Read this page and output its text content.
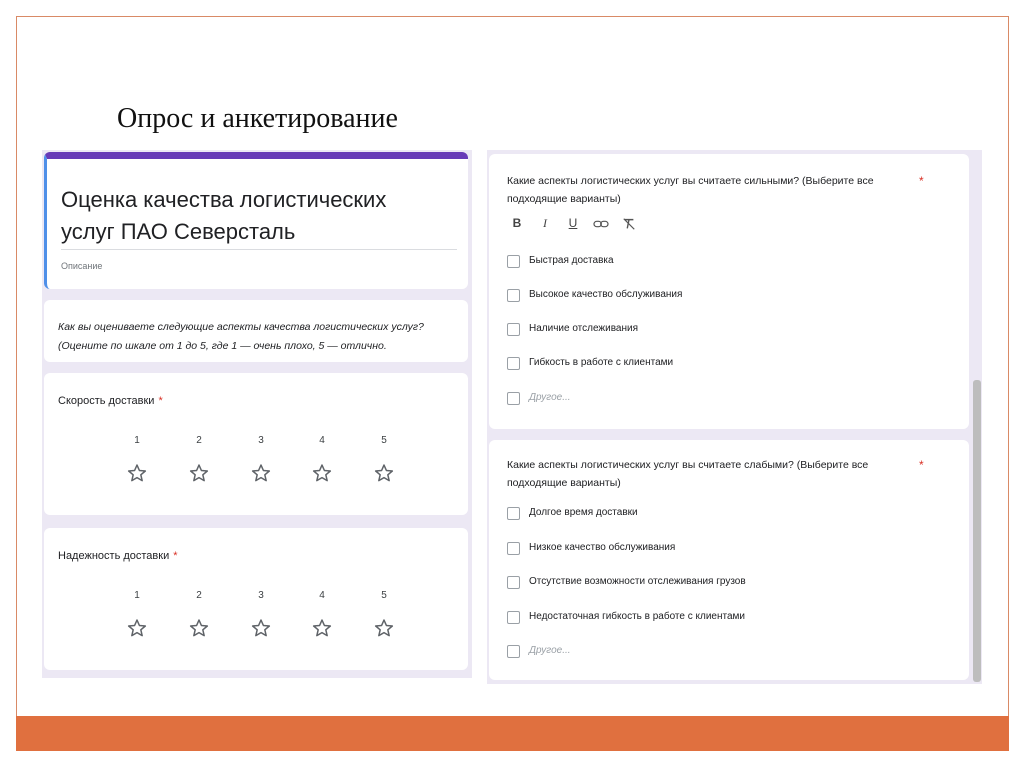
Опрос и анкетирование
Оценка качества логистических услуг ПАО Северсталь
Описание
Как вы оцениваете следующие аспекты качества логистических услуг? (Оцените по шкале от 1 до 5, где 1 — очень плохо, 5 — отлично.
Скорость доставки *
1	2	3	4	5
Надежность доставки *
1	2	3	4	5
Какие аспекты логистических услуг вы считаете сильными? (Выберите все подходящие варианты)
*
B	I	U
Быстрая доставка
Высокое качество обслуживания
Наличие отслеживания
Гибкость в работе с клиентами
Другое...
Какие аспекты логистических услуг вы считаете слабыми? (Выберите все подходящие варианты)
*
Долгое время доставки
Низкое качество обслуживания
Отсутствие возможности отслеживания грузов
Недостаточная гибкость в работе с клиентами
Другое...
